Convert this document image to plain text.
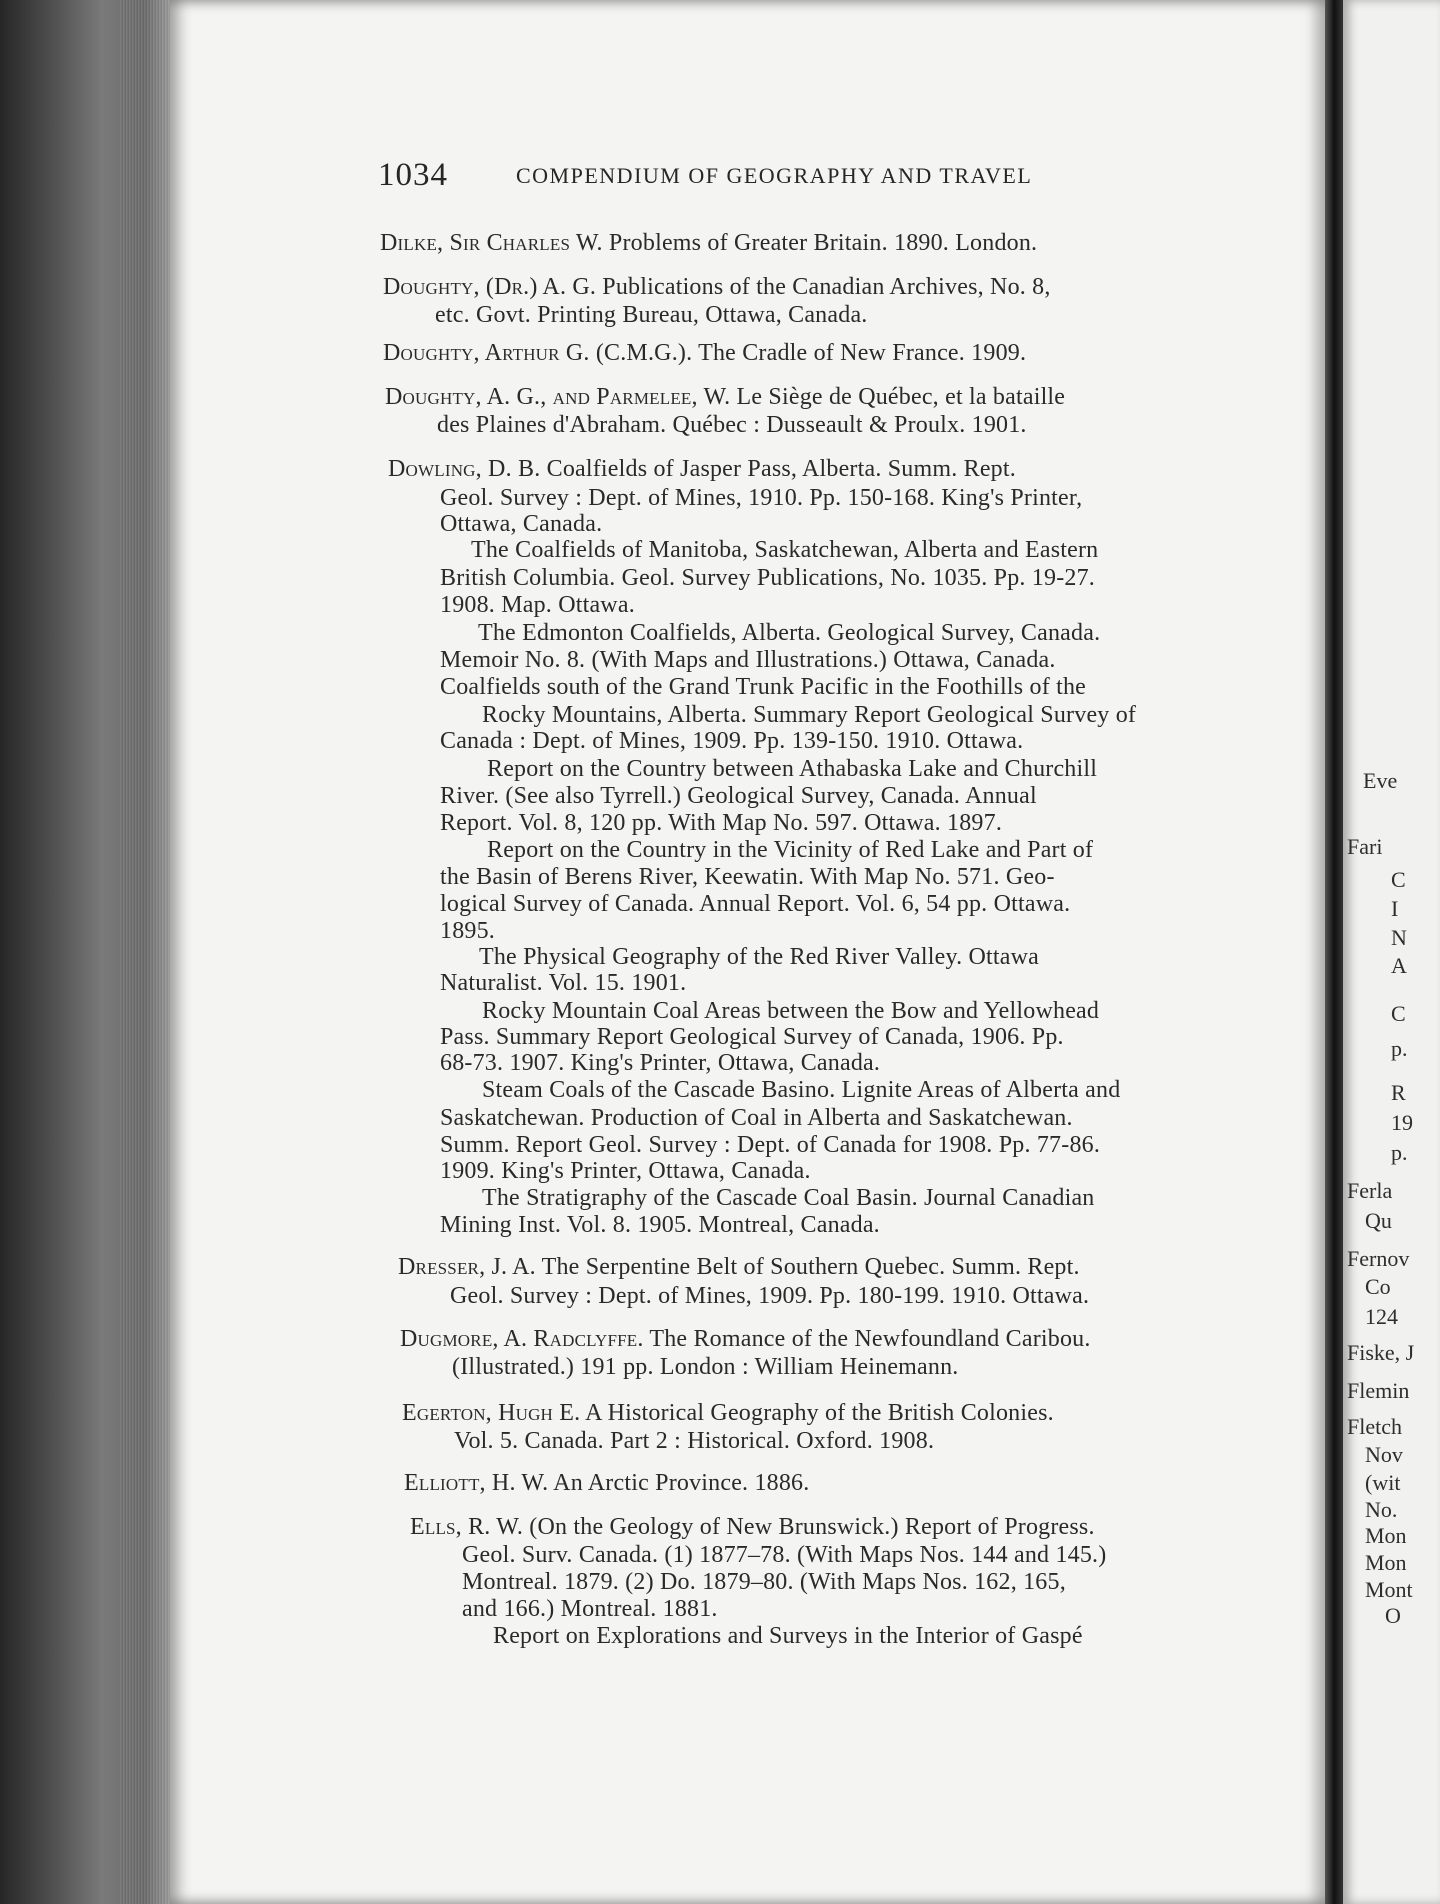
1034	COMPENDIUM OF GEOGRAPHY AND TRAVEL
Dilke, Sir Charles W. Problems of Greater Britain. 1890. London.
Doughty, (Dr.) A. G. Publications of the Canadian Archives, No. 8,
etc. Govt. Printing Bureau, Ottawa, Canada.
Doughty, Arthur G. (C.M.G.). The Cradle of New France. 1909.
Doughty, A. G., and Parmelee, W. Le Siège de Québec, et la bataille
des Plaines d'Abraham. Québec : Dusseault & Proulx. 1901.
Dowling, D. B. Coalfields of Jasper Pass, Alberta. Summ. Rept.
Geol. Survey : Dept. of Mines, 1910. Pp. 150-168. King's Printer,
Ottawa, Canada.
The Coalfields of Manitoba, Saskatchewan, Alberta and Eastern
British Columbia. Geol. Survey Publications, No. 1035. Pp. 19-27.
1908. Map. Ottawa.
The Edmonton Coalfields, Alberta. Geological Survey, Canada.
Memoir No. 8. (With Maps and Illustrations.) Ottawa, Canada.
Coalfields south of the Grand Trunk Pacific in the Foothills of the
Rocky Mountains, Alberta. Summary Report Geological Survey of
Canada : Dept. of Mines, 1909. Pp. 139-150. 1910. Ottawa.
Report on the Country between Athabaska Lake and Churchill
River. (See also Tyrrell.) Geological Survey, Canada. Annual
Report. Vol. 8, 120 pp. With Map No. 597. Ottawa. 1897.
Report on the Country in the Vicinity of Red Lake and Part of
the Basin of Berens River, Keewatin. With Map No. 571. Geo-
logical Survey of Canada. Annual Report. Vol. 6, 54 pp. Ottawa.
1895.
The Physical Geography of the Red River Valley. Ottawa
Naturalist. Vol. 15. 1901.
Rocky Mountain Coal Areas between the Bow and Yellowhead
Pass. Summary Report Geological Survey of Canada, 1906. Pp.
68-73. 1907. King's Printer, Ottawa, Canada.
Steam Coals of the Cascade Basino. Lignite Areas of Alberta and
Saskatchewan. Production of Coal in Alberta and Saskatchewan.
Summ. Report Geol. Survey : Dept. of Canada for 1908. Pp. 77-86.
1909. King's Printer, Ottawa, Canada.
The Stratigraphy of the Cascade Coal Basin. Journal Canadian
Mining Inst. Vol. 8. 1905. Montreal, Canada.
Dresser, J. A. The Serpentine Belt of Southern Quebec. Summ. Rept.
Geol. Survey : Dept. of Mines, 1909. Pp. 180-199. 1910. Ottawa.
Dugmore, A. Radclyffe. The Romance of the Newfoundland Caribou.
(Illustrated.) 191 pp. London : William Heinemann.
Egerton, Hugh E. A Historical Geography of the British Colonies.
Vol. 5. Canada. Part 2 : Historical. Oxford. 1908.
Elliott, H. W. An Arctic Province. 1886.
Ells, R. W. (On the Geology of New Brunswick.) Report of Progress.
Geol. Surv. Canada. (1) 1877–78. (With Maps Nos. 144 and 145.)
Montreal. 1879. (2) Do. 1879–80. (With Maps Nos. 162, 165,
and 166.) Montreal. 1881.
Report on Explorations and Surveys in the Interior of Gaspé
Eve
Fari
C
I
N
A
C
p.
R
19
p.
Ferla
Qu
Fernov
Co
124
Fiske, J
Flemin
Fletch
Nov
(wit
No.
Mon
Mon
Mont
O
